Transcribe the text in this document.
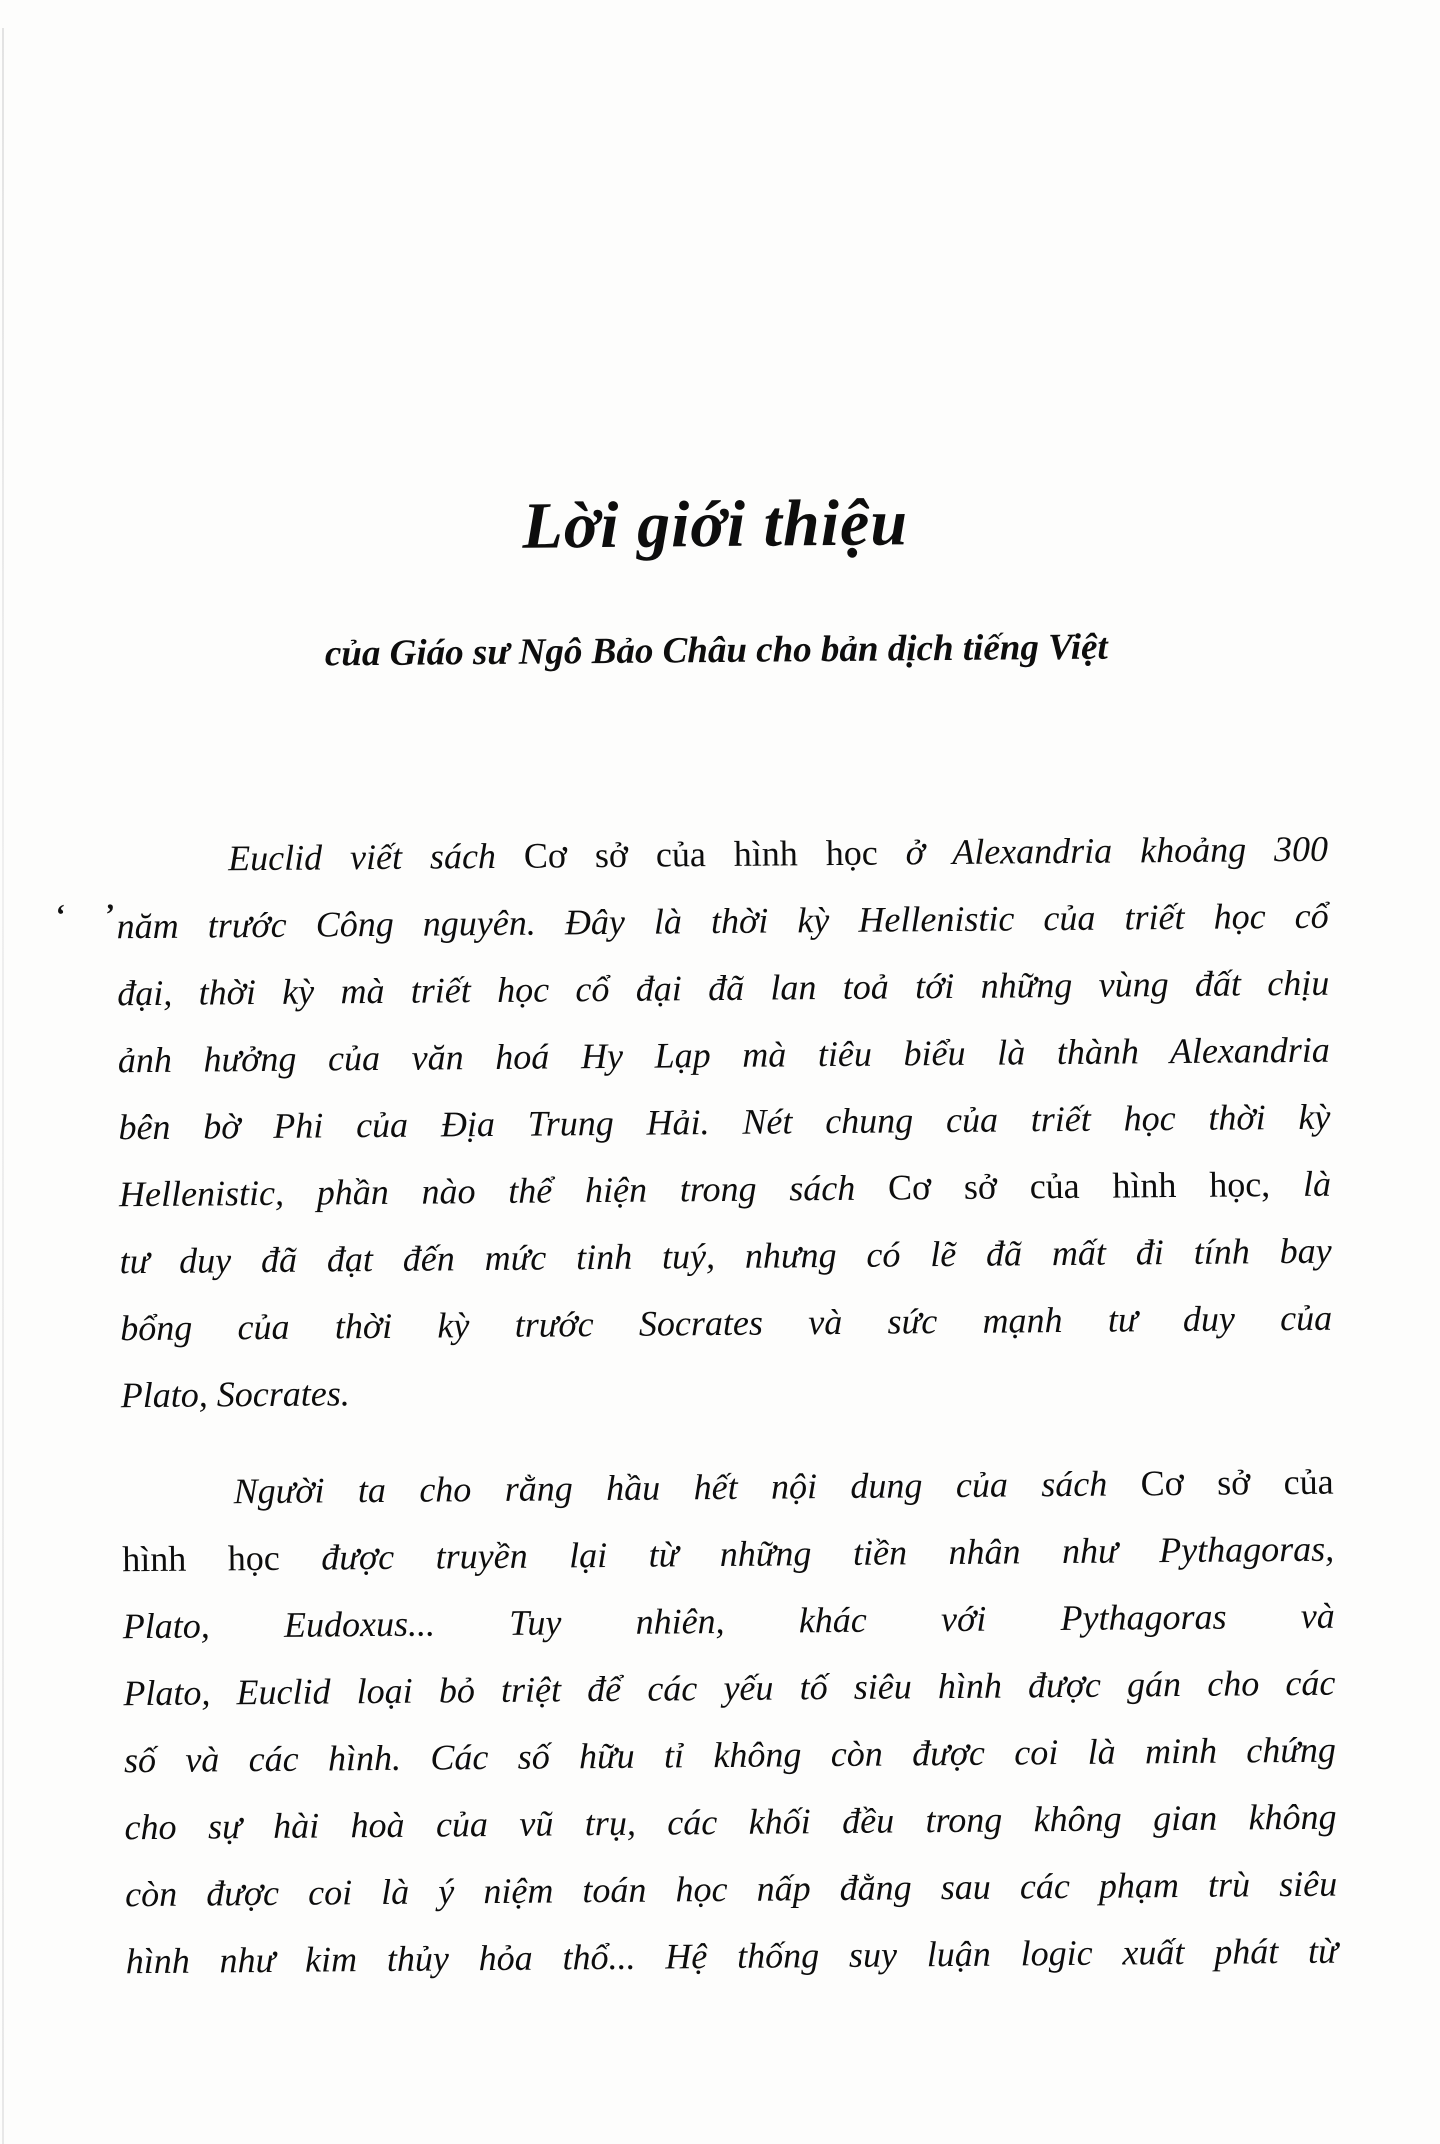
Lời giới thiệu
của Giáo sư Ngô Bảo Châu cho bản dịch tiếng Việt
‘ ’
Euclid viết sách Cơ sở của hình học ở Alexandria khoảng 300
năm trước Công nguyên. Đây là thời kỳ Hellenistic của triết học cổ
đại, thời kỳ mà triết học cổ đại đã lan toả tới những vùng đất chịu
ảnh hưởng của văn hoá Hy Lạp mà tiêu biểu là thành Alexandria
bên bờ Phi của Địa Trung Hải. Nét chung của triết học thời kỳ
Hellenistic, phần nào thể hiện trong sách Cơ sở của hình học, là
tư duy đã đạt đến mức tinh tuý, nhưng có lẽ đã mất đi tính bay
bổng của thời kỳ trước Socrates và sức mạnh tư duy của
Plato, Socrates.
Người ta cho rằng hầu hết nội dung của sách Cơ sở của
hình học được truyền lại từ những tiền nhân như Pythagoras,
Plato, Eudoxus... Tuy nhiên, khác với Pythagoras và
Plato, Euclid loại bỏ triệt để các yếu tố siêu hình được gán cho các
số và các hình. Các số hữu tỉ không còn được coi là minh chứng
cho sự hài hoà của vũ trụ, các khối đều trong không gian không
còn được coi là ý niệm toán học nấp đằng sau các phạm trù siêu
hình như kim thủy hỏa thổ... Hệ thống suy luận logic xuất phát từ
